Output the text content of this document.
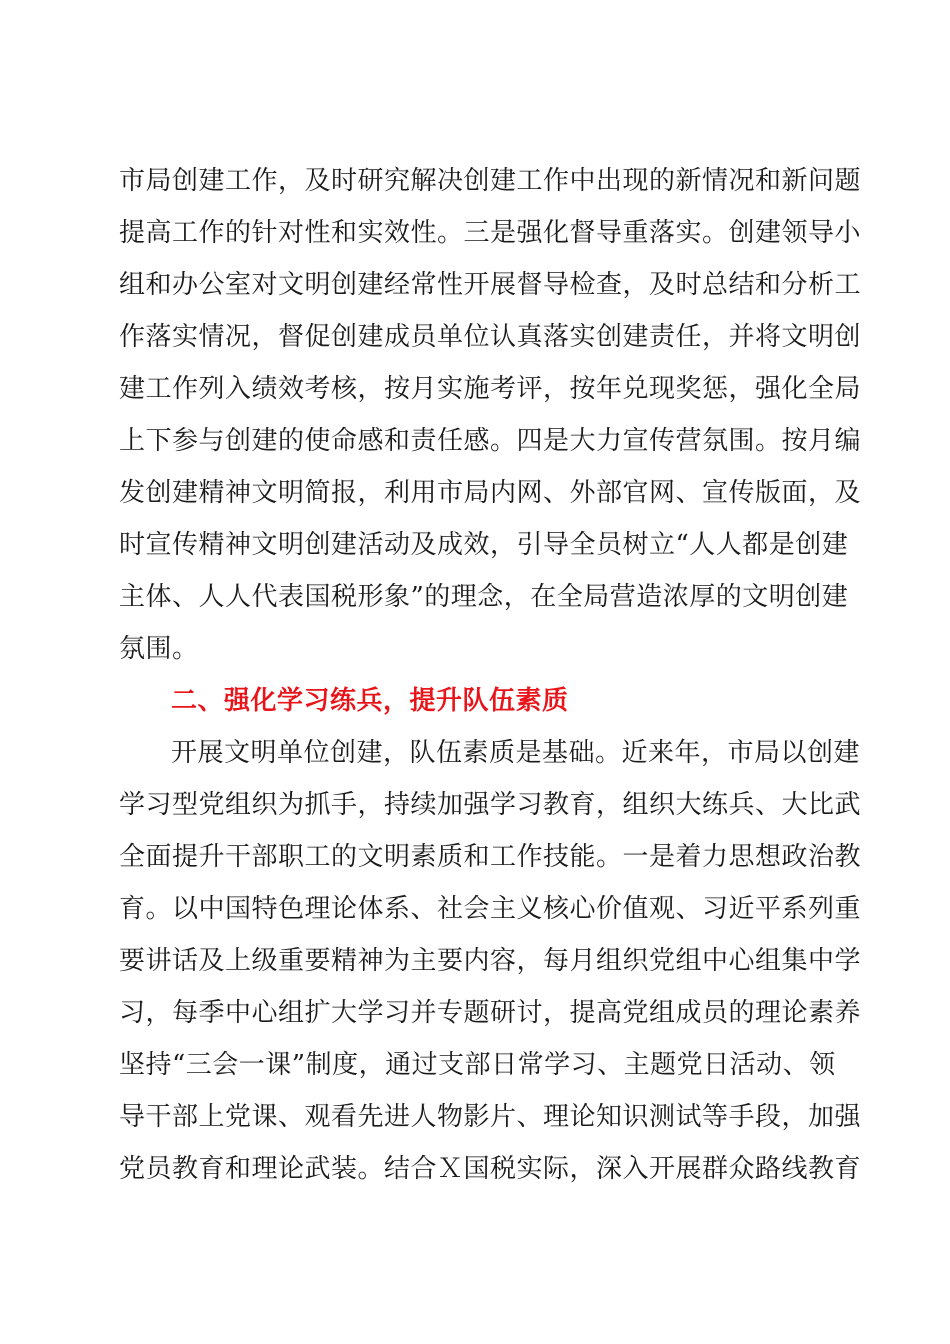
市局创建工作，及时研究解决创建工作中出现的新情况和新问题
提高工作的针对性和实效性。三是强化督导重落实。创建领导小
组和办公室对文明创建经常性开展督导检查，及时总结和分析工
作落实情况，督促创建成员单位认真落实创建责任，并将文明创
建工作列入绩效考核，按月实施考评，按年兑现奖惩，强化全局
上下参与创建的使命感和责任感。四是大力宣传营氛围。按月编
发创建精神文明简报，利用市局内网、外部官网、宣传版面，及
时宣传精神文明创建活动及成效，引导全员树立“人人都是创建
主体、人人代表国税形象”的理念，在全局营造浓厚的文明创建
氛围。
二、强化学习练兵，提升队伍素质
开展文明单位创建，队伍素质是基础。近来年，市局以创建
学习型党组织为抓手，持续加强学习教育，组织大练兵、大比武
全面提升干部职工的文明素质和工作技能。一是着力思想政治教
育。以中国特色理论体系、社会主义核心价值观、习近平系列重
要讲话及上级重要精神为主要内容，每月组织党组中心组集中学
习，每季中心组扩大学习并专题研讨，提高党组成员的理论素养
坚持“三会一课”制度，通过支部日常学习、主题党日活动、领
导干部上党课、观看先进人物影片、理论知识测试等手段，加强
党员教育和理论武装。结合Ｘ国税实际，深入开展群众路线教育
